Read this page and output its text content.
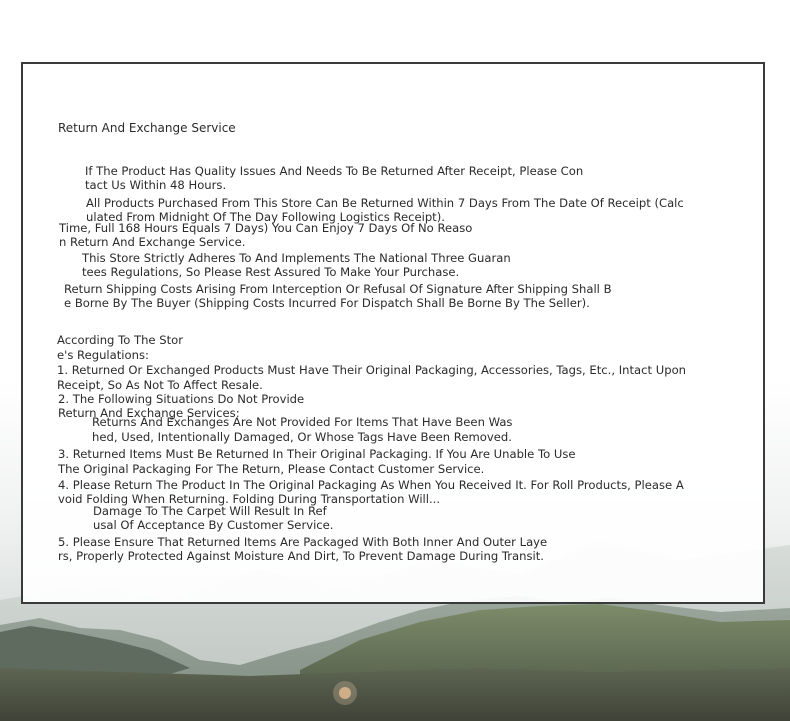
Return And Exchange Service
If The Product Has Quality Issues And Needs To Be Returned After Receipt, Please Con
tact Us Within 48 Hours.
All Products Purchased From This Store Can Be Returned Within 7 Days From The Date Of Receipt (Calc
ulated From Midnight Of The Day Following Logistics Receipt).
Time, Full 168 Hours Equals 7 Days) You Can Enjoy 7 Days Of No Reaso
n Return And Exchange Service.
This Store Strictly Adheres To And Implements The National Three Guaran
tees Regulations, So Please Rest Assured To Make Your Purchase.
Return Shipping Costs Arising From Interception Or Refusal Of Signature After Shipping Shall B
e Borne By The Buyer (Shipping Costs Incurred For Dispatch Shall Be Borne By The Seller).
According To The Stor
e's Regulations:
1. Returned Or Exchanged Products Must Have Their Original Packaging, Accessories, Tags, Etc., Intact Upon
Receipt, So As Not To Affect Resale.
2. The Following Situations Do Not Provide
Return And Exchange Services:
Returns And Exchanges Are Not Provided For Items That Have Been Was
hed, Used, Intentionally Damaged, Or Whose Tags Have Been Removed.
3. Returned Items Must Be Returned In Their Original Packaging. If You Are Unable To Use
The Original Packaging For The Return, Please Contact Customer Service.
4. Please Return The Product In The Original Packaging As When You Received It. For Roll Products, Please A
void Folding When Returning. Folding During Transportation Will...
Damage To The Carpet Will Result In Ref
usal Of Acceptance By Customer Service.
5. Please Ensure That Returned Items Are Packaged With Both Inner And Outer Laye
rs, Properly Protected Against Moisture And Dirt, To Prevent Damage During Transit.
